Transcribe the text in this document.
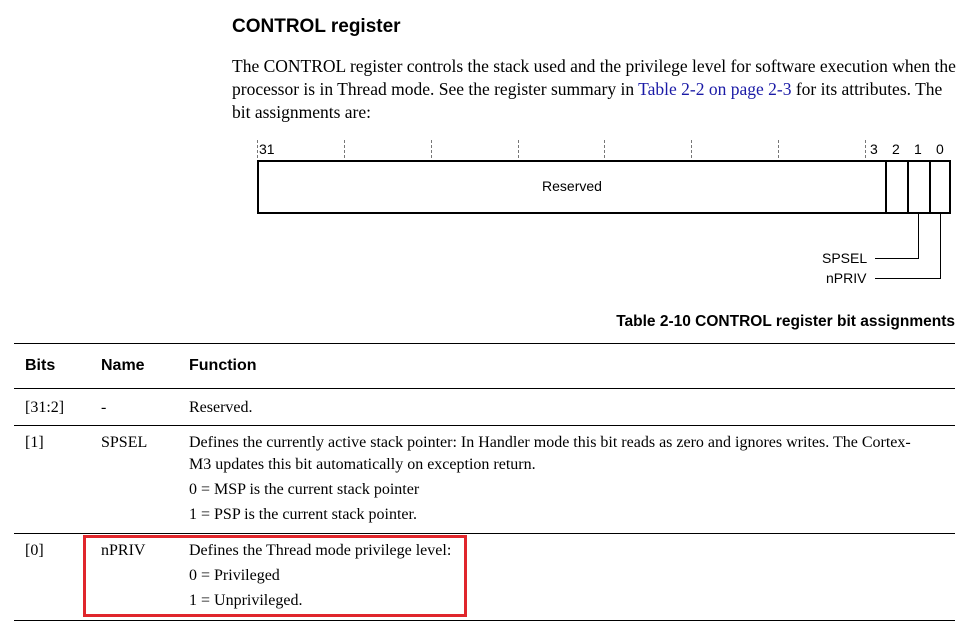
CONTROL register
The CONTROL register controls the stack used and the privilege level for software execution when the processor is in Thread mode. See the register summary in Table 2-2 on page 2-3 for its attributes. The bit assignments are:
31	3 2 1 0
Reserved
SPSEL
nPRIV
Table 2-10 CONTROL register bit assignments
Bits	Name	Function
[31:2]	-	Reserved.

[1]	SPSEL	Defines the currently active stack pointer: In Handler mode this bit reads as zero and ignores writes. The Cortex-M3 updates this bit automatically on exception return.

0 = MSP is the current stack pointer

1 = PSP is the current stack pointer.

[0]	nPRIV	Defines the Thread mode privilege level:

0 = Privileged

1 = Unprivileged.
